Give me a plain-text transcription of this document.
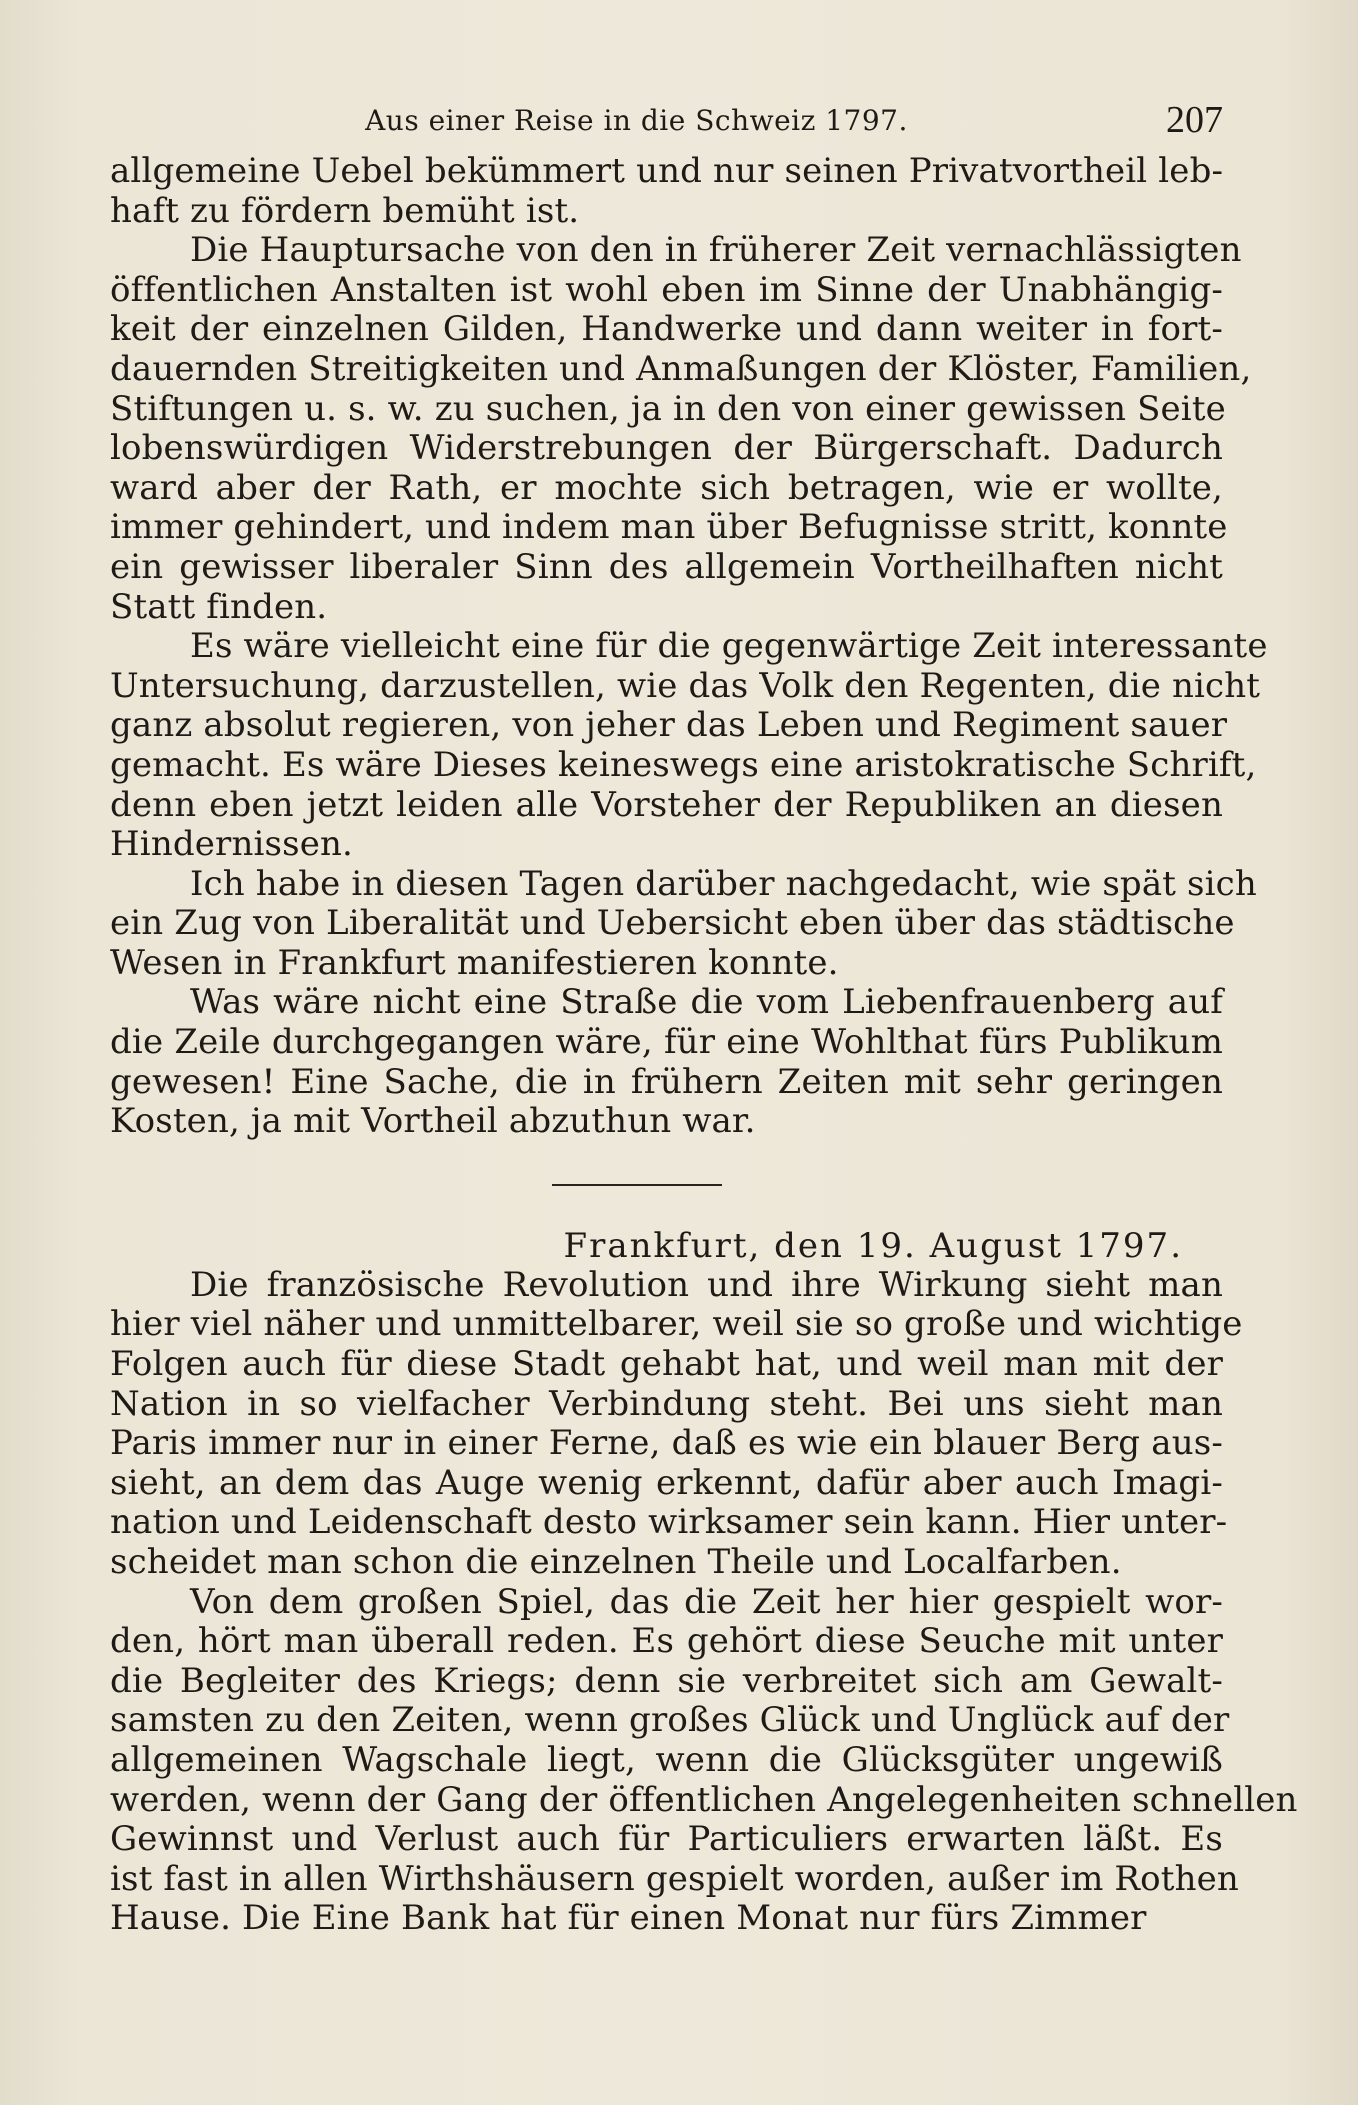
Aus einer Reise in die Schweiz 1797.	207
allgemeine Uebel bekümmert und nur seinen Privatvortheil leb-
haft zu fördern bemüht ist.
Die Hauptursache von den in früherer Zeit vernachlässigten
öffentlichen Anstalten ist wohl eben im Sinne der Unabhängig-
keit der einzelnen Gilden, Handwerke und dann weiter in fort-
dauernden Streitigkeiten und Anmaßungen der Klöster, Familien,
Stiftungen u. s. w. zu suchen, ja in den von einer gewissen Seite
lobenswürdigen Widerstrebungen der Bürgerschaft. Dadurch
ward aber der Rath, er mochte sich betragen, wie er wollte,
immer gehindert, und indem man über Befugnisse stritt, konnte
ein gewisser liberaler Sinn des allgemein Vortheilhaften nicht
Statt finden.
Es wäre vielleicht eine für die gegenwärtige Zeit interessante
Untersuchung, darzustellen, wie das Volk den Regenten, die nicht
ganz absolut regieren, von jeher das Leben und Regiment sauer
gemacht. Es wäre Dieses keineswegs eine aristokratische Schrift,
denn eben jetzt leiden alle Vorsteher der Republiken an diesen
Hindernissen.
Ich habe in diesen Tagen darüber nachgedacht, wie spät sich
ein Zug von Liberalität und Uebersicht eben über das städtische
Wesen in Frankfurt manifestieren konnte.
Was wäre nicht eine Straße die vom Liebenfrauenberg auf
die Zeile durchgegangen wäre, für eine Wohlthat fürs Publikum
gewesen! Eine Sache, die in frühern Zeiten mit sehr geringen
Kosten, ja mit Vortheil abzuthun war.
Frankfurt, den 19. August 1797.
Die französische Revolution und ihre Wirkung sieht man
hier viel näher und unmittelbarer, weil sie so große und wichtige
Folgen auch für diese Stadt gehabt hat, und weil man mit der
Nation in so vielfacher Verbindung steht. Bei uns sieht man
Paris immer nur in einer Ferne, daß es wie ein blauer Berg aus-
sieht, an dem das Auge wenig erkennt, dafür aber auch Imagi-
nation und Leidenschaft desto wirksamer sein kann. Hier unter-
scheidet man schon die einzelnen Theile und Localfarben.
Von dem großen Spiel, das die Zeit her hier gespielt wor-
den, hört man überall reden. Es gehört diese Seuche mit unter
die Begleiter des Kriegs; denn sie verbreitet sich am Gewalt-
samsten zu den Zeiten, wenn großes Glück und Unglück auf der
allgemeinen Wagschale liegt, wenn die Glücksgüter ungewiß
werden, wenn der Gang der öffentlichen Angelegenheiten schnellen
Gewinnst und Verlust auch für Particuliers erwarten läßt. Es
ist fast in allen Wirthshäusern gespielt worden, außer im Rothen
Hause. Die Eine Bank hat für einen Monat nur fürs Zimmer
